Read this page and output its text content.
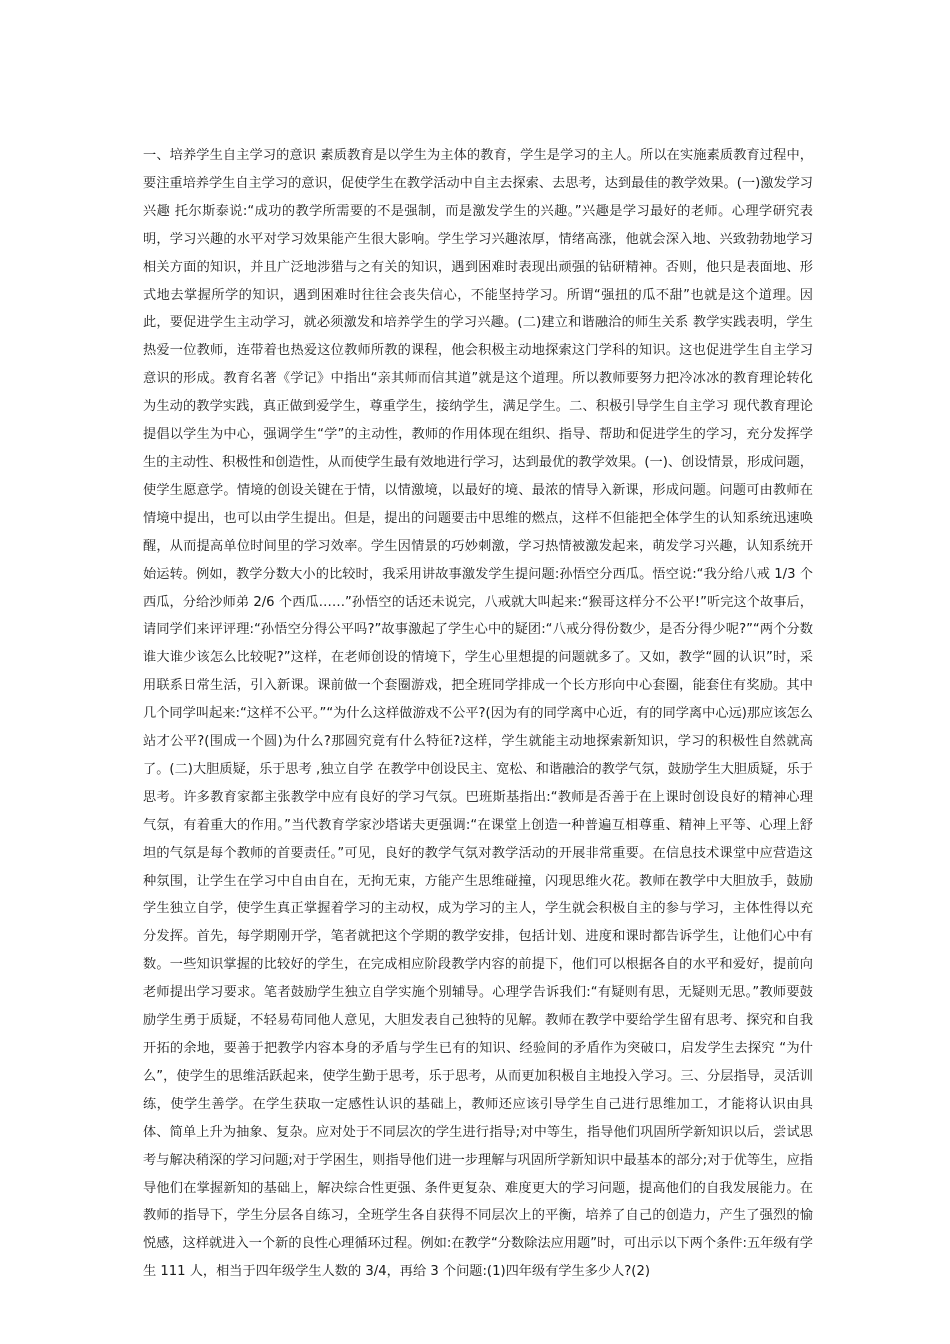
一、培养学生自主学习的意识 素质教育是以学生为主体的教育，学生是学习的主人。所以在实施素质教育过程中，要注重培养学生自主学习的意识，促使学生在教学活动中自主去探索、去思考，达到最佳的教学效果。(一)激发学习兴趣 托尔斯泰说:“成功的教学所需要的不是强制，而是激发学生的兴趣。”兴趣是学习最好的老师。心理学研究表明，学习兴趣的水平对学习效果能产生很大影响。学生学习兴趣浓厚，情绪高涨，他就会深入地、兴致勃勃地学习相关方面的知识，并且广泛地涉猎与之有关的知识，遇到困难时表现出顽强的钻研精神。否则，他只是表面地、形式地去掌握所学的知识，遇到困难时往往会丧失信心，不能坚持学习。所谓“强扭的瓜不甜”也就是这个道理。因此，要促进学生主动学习，就必须激发和培养学生的学习兴趣。(二)建立和谐融洽的师生关系 教学实践表明，学生热爱一位教师，连带着也热爱这位教师所教的课程，他会积极主动地探索这门学科的知识。这也促进学生自主学习意识的形成。教育名著《学记》中指出“亲其师而信其道”就是这个道理。所以教师要努力把冷冰冰的教育理论转化为生动的教学实践，真正做到爱学生，尊重学生，接纳学生，满足学生。二、积极引导学生自主学习 现代教育理论提倡以学生为中心，强调学生“学”的主动性，教师的作用体现在组织、指导、帮助和促进学生的学习，充分发挥学生的主动性、积极性和创造性，从而使学生最有效地进行学习，达到最优的教学效果。(一)、创设情景，形成问题，使学生愿意学。情境的创设关键在于情，以情激境，以最好的境、最浓的情导入新课，形成问题。问题可由教师在情境中提出，也可以由学生提出。但是，提出的问题要击中思维的燃点，这样不但能把全体学生的认知系统迅速唤醒，从而提高单位时间里的学习效率。学生因情景的巧妙刺激，学习热情被激发起来，萌发学习兴趣，认知系统开始运转。例如，教学分数大小的比较时，我采用讲故事激发学生提问题:孙悟空分西瓜。悟空说:“我分给八戒 1/3 个西瓜，分给沙师弟 2/6 个西瓜……”孙悟空的话还未说完，八戒就大叫起来:“猴哥这样分不公平!”听完这个故事后，请同学们来评评理:“孙悟空分得公平吗?”故事激起了学生心中的疑团:“八戒分得份数少，是否分得少呢?”“两个分数谁大谁少该怎么比较呢?”这样，在老师创设的情境下，学生心里想提的问题就多了。又如，教学“圆的认识”时，采用联系日常生活，引入新课。课前做一个套圈游戏，把全班同学排成一个长方形向中心套圈，能套住有奖励。其中几个同学叫起来:“这样不公平。”“为什么这样做游戏不公平?(因为有的同学离中心近，有的同学离中心远)那应该怎么站才公平?(围成一个圆)为什么?那圆究竟有什么特征?这样，学生就能主动地探索新知识，学习的积极性自然就高了。(二)大胆质疑，乐于思考 ,独立自学 在教学中创设民主、宽松、和谐融洽的教学气氛，鼓励学生大胆质疑，乐于思考。许多教育家都主张教学中应有良好的学习气氛。巴班斯基指出:“教师是否善于在上课时创设良好的精神心理气氛，有着重大的作用。”当代教育学家沙塔诺夫更强调:“在课堂上创造一种普遍互相尊重、精神上平等、心理上舒坦的气氛是每个教师的首要责任。”可见，良好的教学气氛对教学活动的开展非常重要。在信息技术课堂中应营造这种氛围，让学生在学习中自由自在，无拘无束，方能产生思维碰撞，闪现思维火花。教师在教学中大胆放手，鼓励学生独立自学，使学生真正掌握着学习的主动权，成为学习的主人，学生就会积极自主的参与学习，主体性得以充分发挥。首先，每学期刚开学，笔者就把这个学期的教学安排，包括计划、进度和课时都告诉学生，让他们心中有数。一些知识掌握的比较好的学生，在完成相应阶段教学内容的前提下，他们可以根据各自的水平和爱好，提前向老师提出学习要求。笔者鼓励学生独立自学实施个别辅导。心理学告诉我们:“有疑则有思，无疑则无思。”教师要鼓励学生勇于质疑，不轻易苟同他人意见，大胆发表自己独特的见解。教师在教学中要给学生留有思考、探究和自我开拓的余地，要善于把教学内容本身的矛盾与学生已有的知识、经验间的矛盾作为突破口，启发学生去探究 “为什么”，使学生的思维活跃起来，使学生勤于思考，乐于思考，从而更加积极自主地投入学习。三、分层指导，灵活训练，使学生善学。在学生获取一定感性认识的基础上，教师还应该引导学生自己进行思维加工，才能将认识由具体、简单上升为抽象、复杂。应对处于不同层次的学生进行指导;对中等生，指导他们巩固所学新知识以后，尝试思考与解决稍深的学习问题;对于学困生，则指导他们进一步理解与巩固所学新知识中最基本的部分;对于优等生，应指导他们在掌握新知的基础上，解决综合性更强、条件更复杂、难度更大的学习问题，提高他们的自我发展能力。在教师的指导下，学生分层各自练习，全班学生各自获得不同层次上的平衡，培养了自己的创造力，产生了强烈的愉悦感，这样就进入一个新的良性心理循环过程。例如:在教学“分数除法应用题”时，可出示以下两个条件:五年级有学生 111 人，相当于四年级学生人数的 3/4，再给 3 个问题:(1)四年级有学生多少人?(2)
